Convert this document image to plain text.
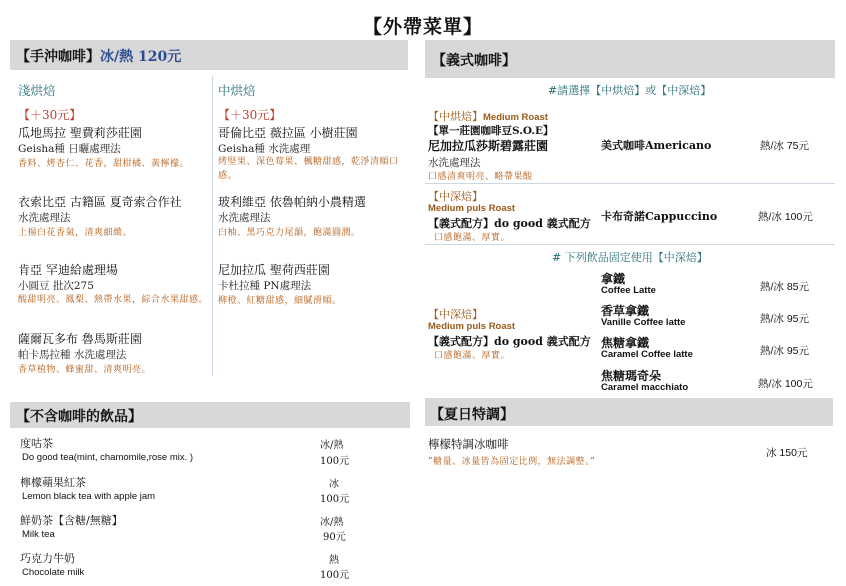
【外帶菜單】
【手沖咖啡】冰/熱 120元
淺烘焙
【＋30元】
瓜地馬拉 聖費莉莎莊園
Geisha種 日曬處理法
香料、烤杏仁、花香，甜柑橘、黃檸檬。
衣索比亞 古籍區 夏奇索合作社
水洗處理法
上揚白花香氣，清爽細緻。
肯亞 罕迪給處理場
小圓豆 批次275
酸甜明亮、鳳梨、熱帶水果，綜合水果甜感。
薩爾瓦多布 魯馬斯莊園
帕卡馬拉種 水洗處理法
香草植物、蜂蜜甜、清爽明亮。
中烘焙
【＋30元】
哥倫比亞 薇拉區 小樹莊園
Geisha種 水洗處理
烤堅果、深色莓果、楓糖甜感，乾淨清順口感。
玻利維亞 依魯帕納小農精選
水洗處理法
白柚、黑巧克力尾韻，飽滿圓潤。
尼加拉瓜 聖荷西莊園
卡杜拉種 PN處理法
柳橙、紅糖甜感，細膩滑順。
【義式咖啡】
#請選擇【中烘焙】或【中深焙】
【中烘焙】Medium Roast
【單一莊園咖啡豆S.O.E】
尼加拉瓜莎斯碧露莊園
水洗處理法
口感清爽明亮、略帶果酸
美式咖啡Americano	熱/冰 75元
【中深焙】
Medium puls Roast
【義式配方】do good 義式配方
口感飽滿、厚實。
卡布奇諾Cappuccino	熱/冰 100元
# 下列飲品固定使用【中深焙】
【中深焙】
Medium puls Roast
【義式配方】do good 義式配方
口感飽滿、厚實。
拿鐵
Coffee Latte	熱/冰 85元
香草拿鐵
Vanille Coffee latte	熱/冰 95元
焦糖拿鐵
Caramel Coffee latte	熱/冰 95元
焦糖瑪奇朵
Caramel macchiato	熱/冰 100元
【不含咖啡的飲品】
度咕茶
Do good tea(mint, chamomile,rose mix. )
冰/熱
100元
檸檬蘋果紅茶
Lemon black tea with apple jam
冰
100元
鮮奶茶【含糖/無糖】
Milk tea
冰/熱
90元
巧克力牛奶
Chocolate milk
熱
100元
【夏日特調】
檸檬特調冰咖啡
”糖量、冰量皆為固定比例，無法調整。”
冰 150元
